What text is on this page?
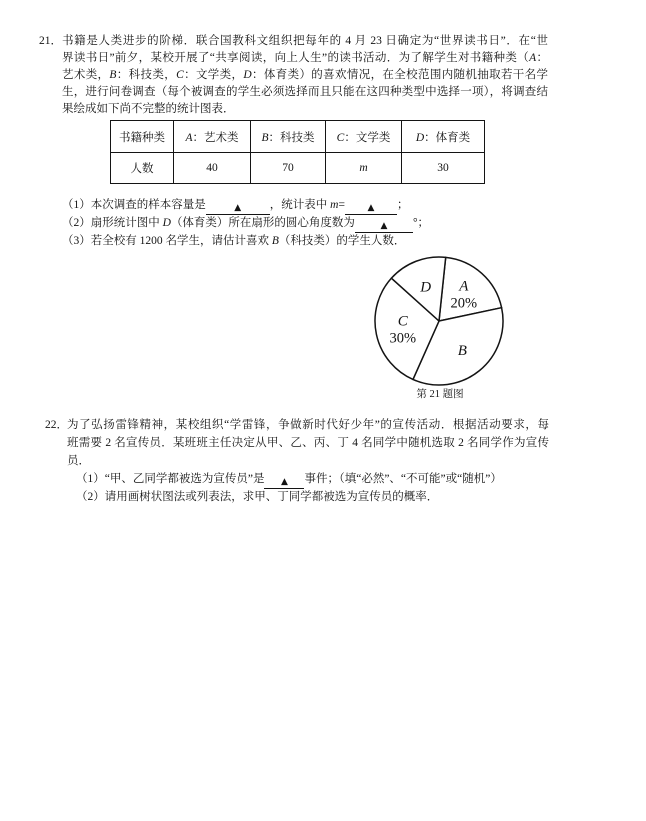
21． 书籍是人类进步的阶梯．联合国教科文组织把每年的 4 月 23 日确定为“世界读书日”．在“世
界读书日”前夕，某校开展了“共享阅读，向上人生”的读书活动．为了解学生对书籍种类（A：
艺术类，B：科技类，C：文学类，D：体育类）的喜欢情况，在全校范围内随机抽取若干名学
生，进行问卷调查（每个被调查的学生必须选择而且只能在这四种类型中选择一项），将调查结
果绘成如下尚不完整的统计图表．
书籍种类	A：艺术类	B：科技类	C：文学类	D：体育类
人数	40	70	m	30
（1）本次调查的样本容量是	▲ ，统计表中 m=	▲ ；
（2）扇形统计图中 D（体育类）所在扇形的圆心角度数为	▲ °；
（3）若全校有 1200 名学生，请估计喜欢 B（科技类）的学生人数．
A
20%
B
C
30%
D
第 21 题图
22． 为了弘扬雷锋精神，某校组织“学雷锋，争做新时代好少年”的宣传活动．根据活动要求，每
班需要 2 名宣传员．某班班主任决定从甲、乙、丙、丁 4 名同学中随机选取 2 名同学作为宣传
员．
（1）“甲、乙同学都被选为宣传员”是 ▲ 事件；（填“必然”、“不可能”或“随机”）
（2）请用画树状图法或列表法，求甲、丁同学都被选为宣传员的概率．
